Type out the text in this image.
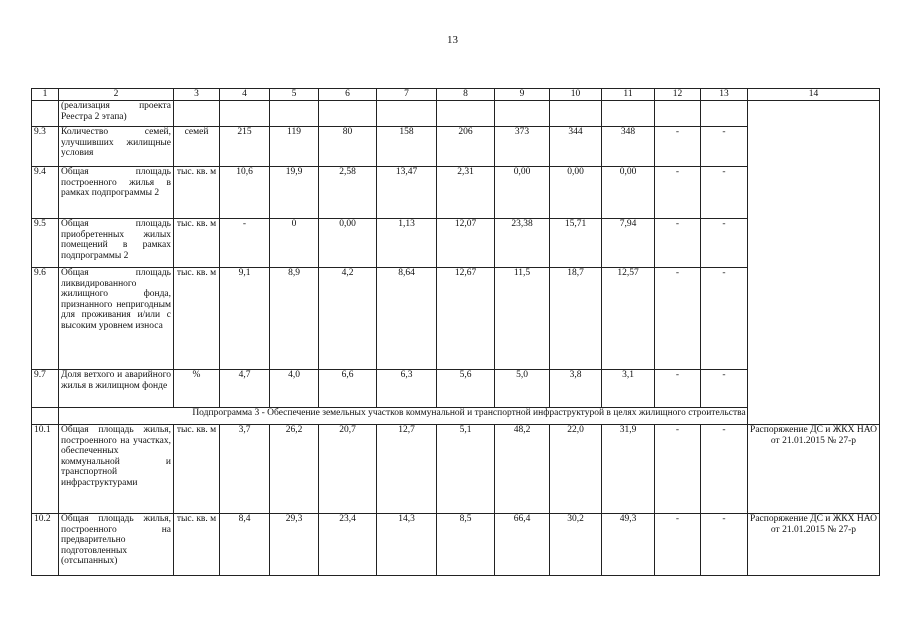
13
1	2	3	4	5	6	7	8	9	10	11	12	13	14
	(реализация проекта Реестра 2 этапа)												
9.3	Количество семей, улучшивших жилищные условия	семей	215	119	80	158	206	373	344	348	-	-	
9.4	Общая площадь построенного жилья в рамках подпрограммы 2	тыс. кв. м	10,6	19,9	2,58	13,47	2,31	0,00	0,00	0,00	-	-	
9.5	Общая площадь приобретенных жилых помещений в рамках подпрограммы 2	тыс. кв. м	-	0	0,00	1,13	12,07	23,38	15,71	7,94	-	-	
9.6	Общая площадь ликвидированного жилищного фонда, признанного непригодным для проживания и/или с высоким уровнем износа	тыс. кв. м	9,1	8,9	4,2	8,64	12,67	11,5	18,7	12,57	-	-	
9.7	Доля ветхого и аварийного жилья в жилищном фонде	%	4,7	4,0	6,6	6,3	5,6	5,0	3,8	3,1	-	-	
	Подпрограмма 3 - Обеспечение земельных участков коммунальной и транспортной инфраструктурой в целях жилищного строительства												
10.1	Общая площадь жилья, построенного на участках, обеспеченных коммунальной и транспортной инфраструктурами	тыс. кв. м	3,7	26,2	20,7	12,7	5,1	48,2	22,0	31,9	-	-	Распоряжение ДС и ЖКХ НАО от 21.01.2015 № 27-р
10.2	Общая площадь жилья, построенного на предварительно подготовленных (отсыпанных)	тыс. кв. м	8,4	29,3	23,4	14,3	8,5	66,4	30,2	49,3	-	-	Распоряжение ДС и ЖКХ НАО от 21.01.2015 № 27-р
